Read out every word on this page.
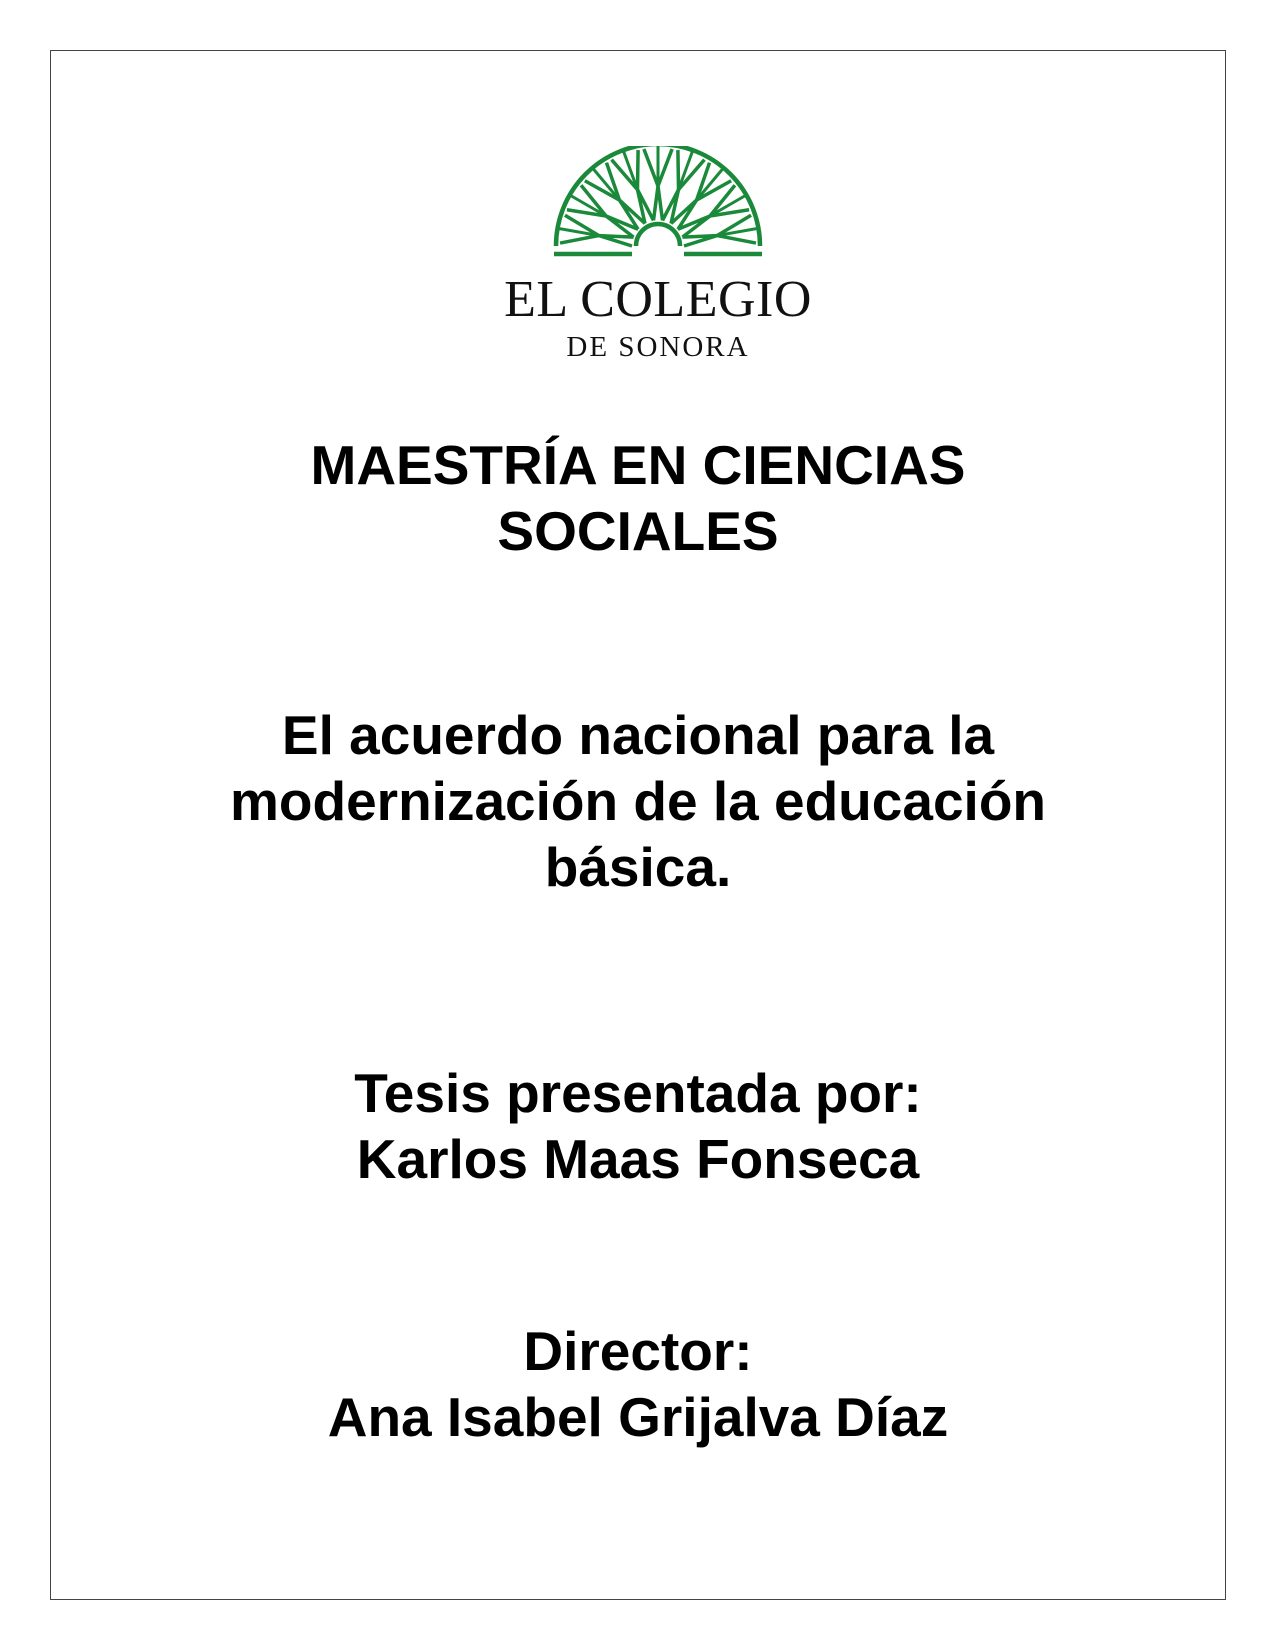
EL COLEGIO
DE SONORA
MAESTRÍA EN CIENCIAS
SOCIALES
El acuerdo nacional para la
modernización de la educación
básica.
Tesis presentada por:
Karlos Maas Fonseca
Director:
Ana Isabel Grijalva Díaz
